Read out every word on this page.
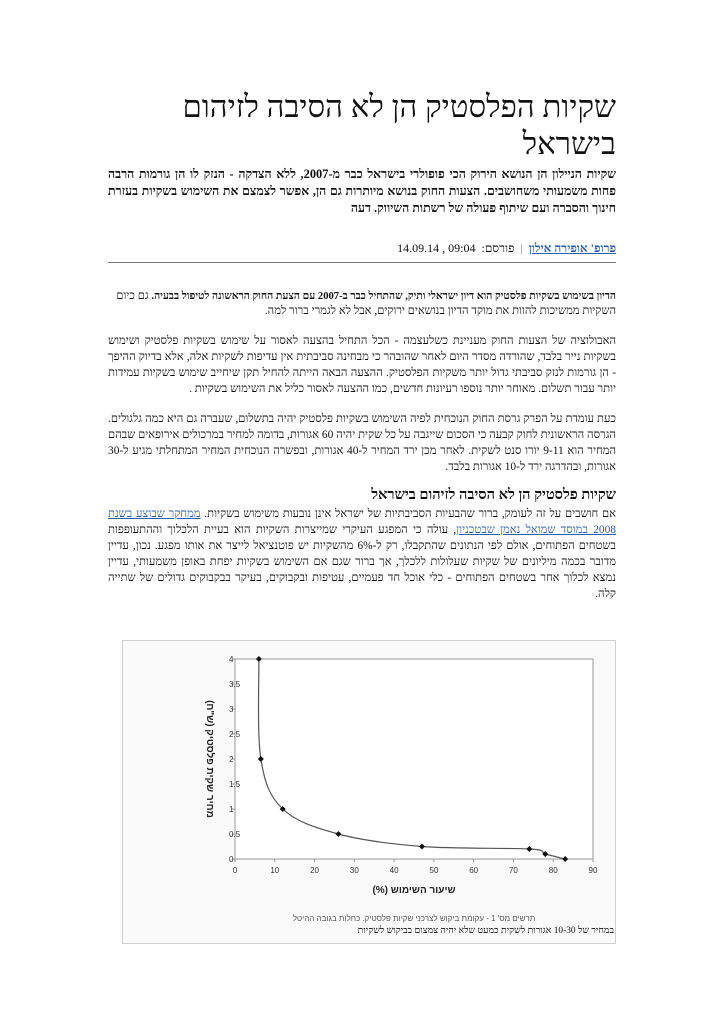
שקיות הפלסטיק הן לא הסיבה לזיהום בישראל

שקיות הניילון הן הנושא הירוק הכי פופולרי בישראל כבר מ-2007, ללא הצדקה - הנזק לו הן גורמות הרבה פחות משמעותי משחושבים. הצעות החוק בנושא מיותרות גם הן, אפשר לצמצם את השימוש בשקיות בעזרת חינוך והסברה ועם שיתוף פעולה של רשתות השיווק. דעה

פרופ' אופירה אילון
|
פורסם:
14.09.14 , 09:04

הדיון בשימוש בשקיות פלסטיק הוא דיון ישראלי ותיק, שהתחיל כבר ב-2007 עם הצעת החוק הראשונה לטיפול בבעיה. גם כיום השקיות ממשיכות להוות את מוקד הדיון בנושאים ירוקים, אבל לא לגמרי ברור למה.

האבולוציה של הצעות החוק מעניינת כשלעצמה - הכל התחיל בהצעה לאסור על שימוש בשקיות פלסטיק ושימוש בשקיות נייר בלבד, שהורדה מסדר היום לאחר שהובהר כי מבחינה סביבתית אין עדיפות לשקיות אלה, אלא בדיוק ההיפך - הן גורמות לנזק סביבתי גדול יותר משקיות הפלסטיק. ההצעה הבאה הייתה להחיל תקן שיחייב שימוש בשקיות עמידות יותר עבור תשלום. מאוחר יותר נוספו רעיונות חדשים, כמו ההצעה לאסור כליל את השימוש בשקיות .

כעת עומדת על הפרק גרסת החוק הנוכחית לפיה השימוש בשקיות פלסטיק יהיה בתשלום, שעברה גם היא כמה גלגולים. הגרסה הראשונית לחוק קבעה כי הסכום שייגבה על כל שקית יהיה 60 אגורות, בדומה למחיר במרכולים אירופאים שבהם המחיר הוא 9-11 יורו סנט לשקית. לאחר מכן ירד המחיר ל-40 אגורות, ובפשרה הנוכחית המחיר המתחלתי מגיע ל-30 אגורות, ובהדרגה ירד ל-10 אגורות בלבד.

שקיות פלסטיק הן לא הסיבה לזיהום בישראל

אם חושבים על זה לעומק, ברור שהבעיות הסביבתיות של ישראל אינן נובעות משימוש בשקיות. ממחקר שבוצע בשנת 2008 במוסד שמואל נאמן שבטכניון, עולה כי המפגע העיקרי שמייצרות השקיות הוא בעיית הלכלוך וההתעופפות בשטחים הפתוחים, אולם לפי הנתונים שהתקבלו, רק ל-6% מהשקיות יש פוטנציאל לייצר את אותו מפגע. נכון, עדיין מדובר בכמה מיליונים של שקיות שעלולות ללכלך, אך ברור שגם אם השימוש בשקיות יפחת באופן משמעותי, עדיין נמצא לכלוך אחר בשטחים הפתוחים - כלי אוכל חד פעמיים, עטיפות ובקבוקים, בעיקר בבקבוקים גדולים של שתייה קלה.

0	10	20	30	40	50	60	70	80	90
0
0.5
1
1.5
2
2.5
3
3.5
4
שיעור השימוש (%)
מחיר שקית פלסטיק (ש"ח)
תרשים מס' 1 - עקומת ביקוש לצרכני שקיות פלסטיק. כחלות בגובה ההיטל
במחיר של 10-30 אגורות לשקית כמעט שלא יהיה צמצום בביקוש לשקיות
